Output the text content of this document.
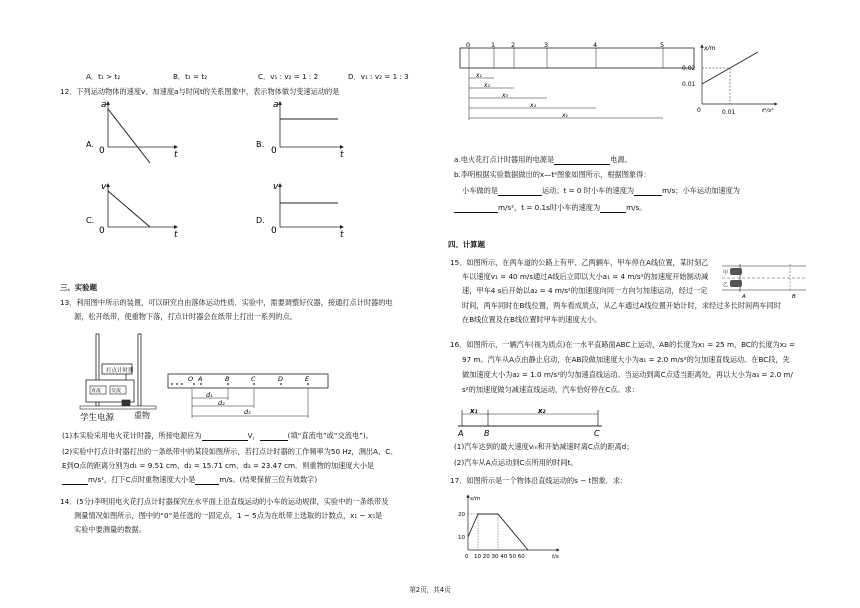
A．t₁ > t₂	B．t₁ = t₂	C．v₁ : v₂ = 1 : 2	D．v₁ : v₂ = 1 : 3
12．下列运动物体的速度v、加速度a与时间t的关系图象中，表示物体做匀变速运动的是
a
0	t
A.
a
0	t
B.
v
0	t
C.
v
0	t
D.
三、实验题
13．利用图中所示的装置，可以研究自由落体运动性质．实验中，需要调整好仪器，接通打点计时器的电
源，松开纸带，使重物下落，打点计时器会在纸带上打出一系列的点。
打点计时器
直流 交流
学生电源 重物
O A	B	C	D	E
d₁
d₂
d₃
(1)本实验采用电火花计时器，所接电源应为	V，	(填“直流电”或“交流电”)。
(2)实验中打点计时器打出的一条纸带中的某段如图所示，若打点计时器的工作频率为50 Hz，测出A、C、
E到O点的距离分别为d₁ = 9.51 cm、d₂ = 15.71 cm、d₃ = 23.47 cm．则重物的加速度大小是
m/s²，打下C点时重物速度大小是	m/s。(结果保留三位有效数字)
14．(5分)李明用电火花打点计时器探究在水平面上沿直线运动的小车的运动规律，实验中的一条纸带及
测量情况如图所示，图中的“0”是任选的一固定点，1 ~ 5点为在纸带上选取的计数点，x₁ ~ x₅是
实验中要测量的数据。
0	1 2	3	4	5
x₁
x₂
x₃
x₄
x₅
x/m
0.02
0.01
0	0.01	t²/s²
a.电火花打点计时器用的电源是	电源。
b.李明根据实验数据做出的x—t²图象如图所示，根据图象得：
小车做的是	运动；t = 0 时小车的速度为	m/s；小车运动加速度为
m/s²，t = 0.1s时小车的速度为	m/s。
四、计算题
15．如图所示，在两车道的公路上有甲、乙两辆车，甲车停在A线位置，某时刻乙
车以速度v₁ = 40 m/s通过A线后立即以大小a₁ = 4 m/s²的加速度开始制动减
速，甲车4 s后开始以a₂ = 4 m/s²的加速度向同一方向匀加速运动，经过一定
时间，两车同时在B线位置，两车看成质点，从乙车通过A线位置开始计时，求经过多长时间两车同时
在B线位置及在B线位置时甲车的速度大小。
甲
乙
A	B
16．如图所示，一辆汽车(视为质点)在一水平直路面ABC上运动，AB的长度为x₁ = 25 m，BC的长度为x₂ =
97 m。汽车从A点由静止启动，在AB段做加速度大小为a₁ = 2.0 m/s²的匀加速直线运动。在BC段，先
做加速度大小为a₂ = 1.0 m/s²的匀加速直线运动。当运动到离C点适当距离处，再以大小为a₃ = 2.0 m/
s²的加速度做匀减速直线运动，汽车恰好停在C点。求：
x₁	x₂
A	B	C
(1)汽车达到的最大速度vₘ和开始减速时离C点的距离d；
(2)汽车从A点运动到C点所用的时间t。
17．如图所示是一个物体沿直线运动的s − t图象．求：
s/m
20
10
0 10 20 30 40 50 60	t/s
第2页，共4页
